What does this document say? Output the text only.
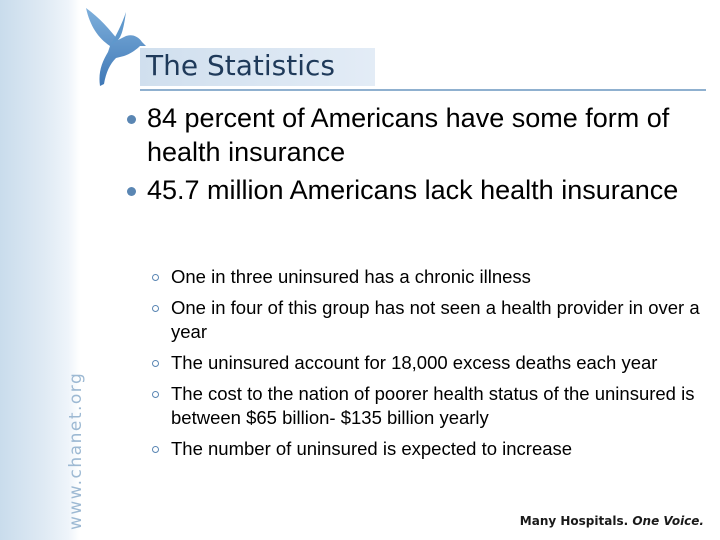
www.chanet.org
The Statistics
84 percent of Americans have some form of health insurance
45.7 million Americans lack health insurance
One in three uninsured has a chronic illness
One in four of this group has not seen a health provider in over a year
The uninsured account for 18,000 excess deaths each year
The cost to the nation of poorer health status of the uninsured is between $65 billion- $135 billion yearly
The number of uninsured is expected to increase
Many Hospitals. One Voice.
